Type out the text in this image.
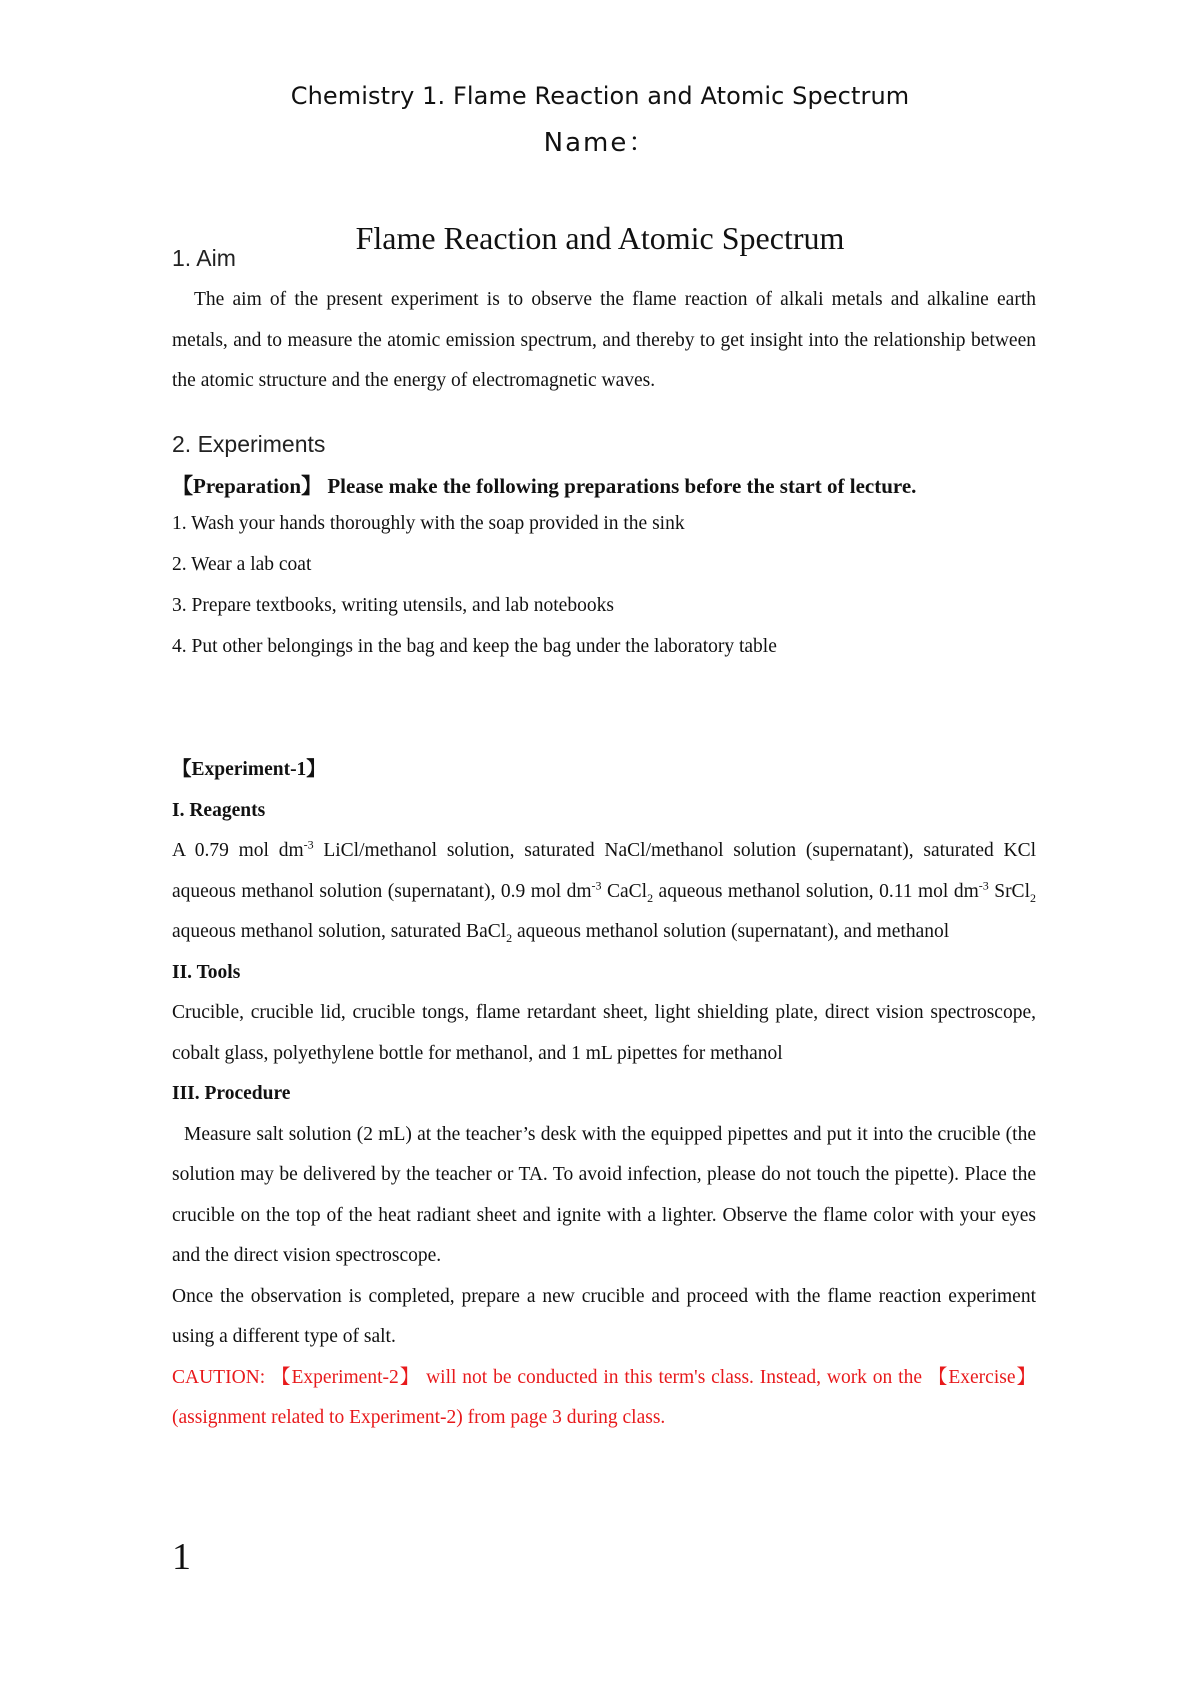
Chemistry 1. Flame Reaction and Atomic Spectrum
Name：
Flame Reaction and Atomic Spectrum
1. Aim
The aim of the present experiment is to observe the flame reaction of alkali metals and alkaline earth metals, and to measure the atomic emission spectrum, and thereby to get insight into the relationship between the atomic structure and the energy of electromagnetic waves.
2. Experiments
【Preparation】 Please make the following preparations before the start of lecture.
1. Wash your hands thoroughly with the soap provided in the sink
2. Wear a lab coat
3. Prepare textbooks, writing utensils, and lab notebooks
4. Put other belongings in the bag and keep the bag under the laboratory table
【Experiment-1】
I. Reagents
A 0.79 mol $dm^{-3}$ LiCl/methanol solution, saturated NaCl/methanol solution (supernatant), saturated KCl aqueous methanol solution (supernatant), 0.9 mol $dm^{-3}$ CaCl$_2$ aqueous methanol solution, 0.11 mol $dm^{-3}$ SrCl$_2$ aqueous methanol solution, saturated BaCl$_2$ aqueous methanol solution (supernatant), and methanol
II. Tools
Crucible, crucible lid, crucible tongs, flame retardant sheet, light shielding plate, direct vision spectroscope, cobalt glass, polyethylene bottle for methanol, and 1 mL pipettes for methanol
III. Procedure
Measure salt solution (2 mL) at the teacher’s desk with the equipped pipettes and put it into the crucible (the solution may be delivered by the teacher or TA. To avoid infection, please do not touch the pipette). Place the crucible on the top of the heat radiant sheet and ignite with a lighter. Observe the flame color with your eyes and the direct vision spectroscope.
Once the observation is completed, prepare a new crucible and proceed with the flame reaction experiment using a different type of salt.
CAUTION: 【Experiment-2】 will not be conducted in this term's class. Instead, work on the 【Exercise】 (assignment related to Experiment-2) from page 3 during class.
1
